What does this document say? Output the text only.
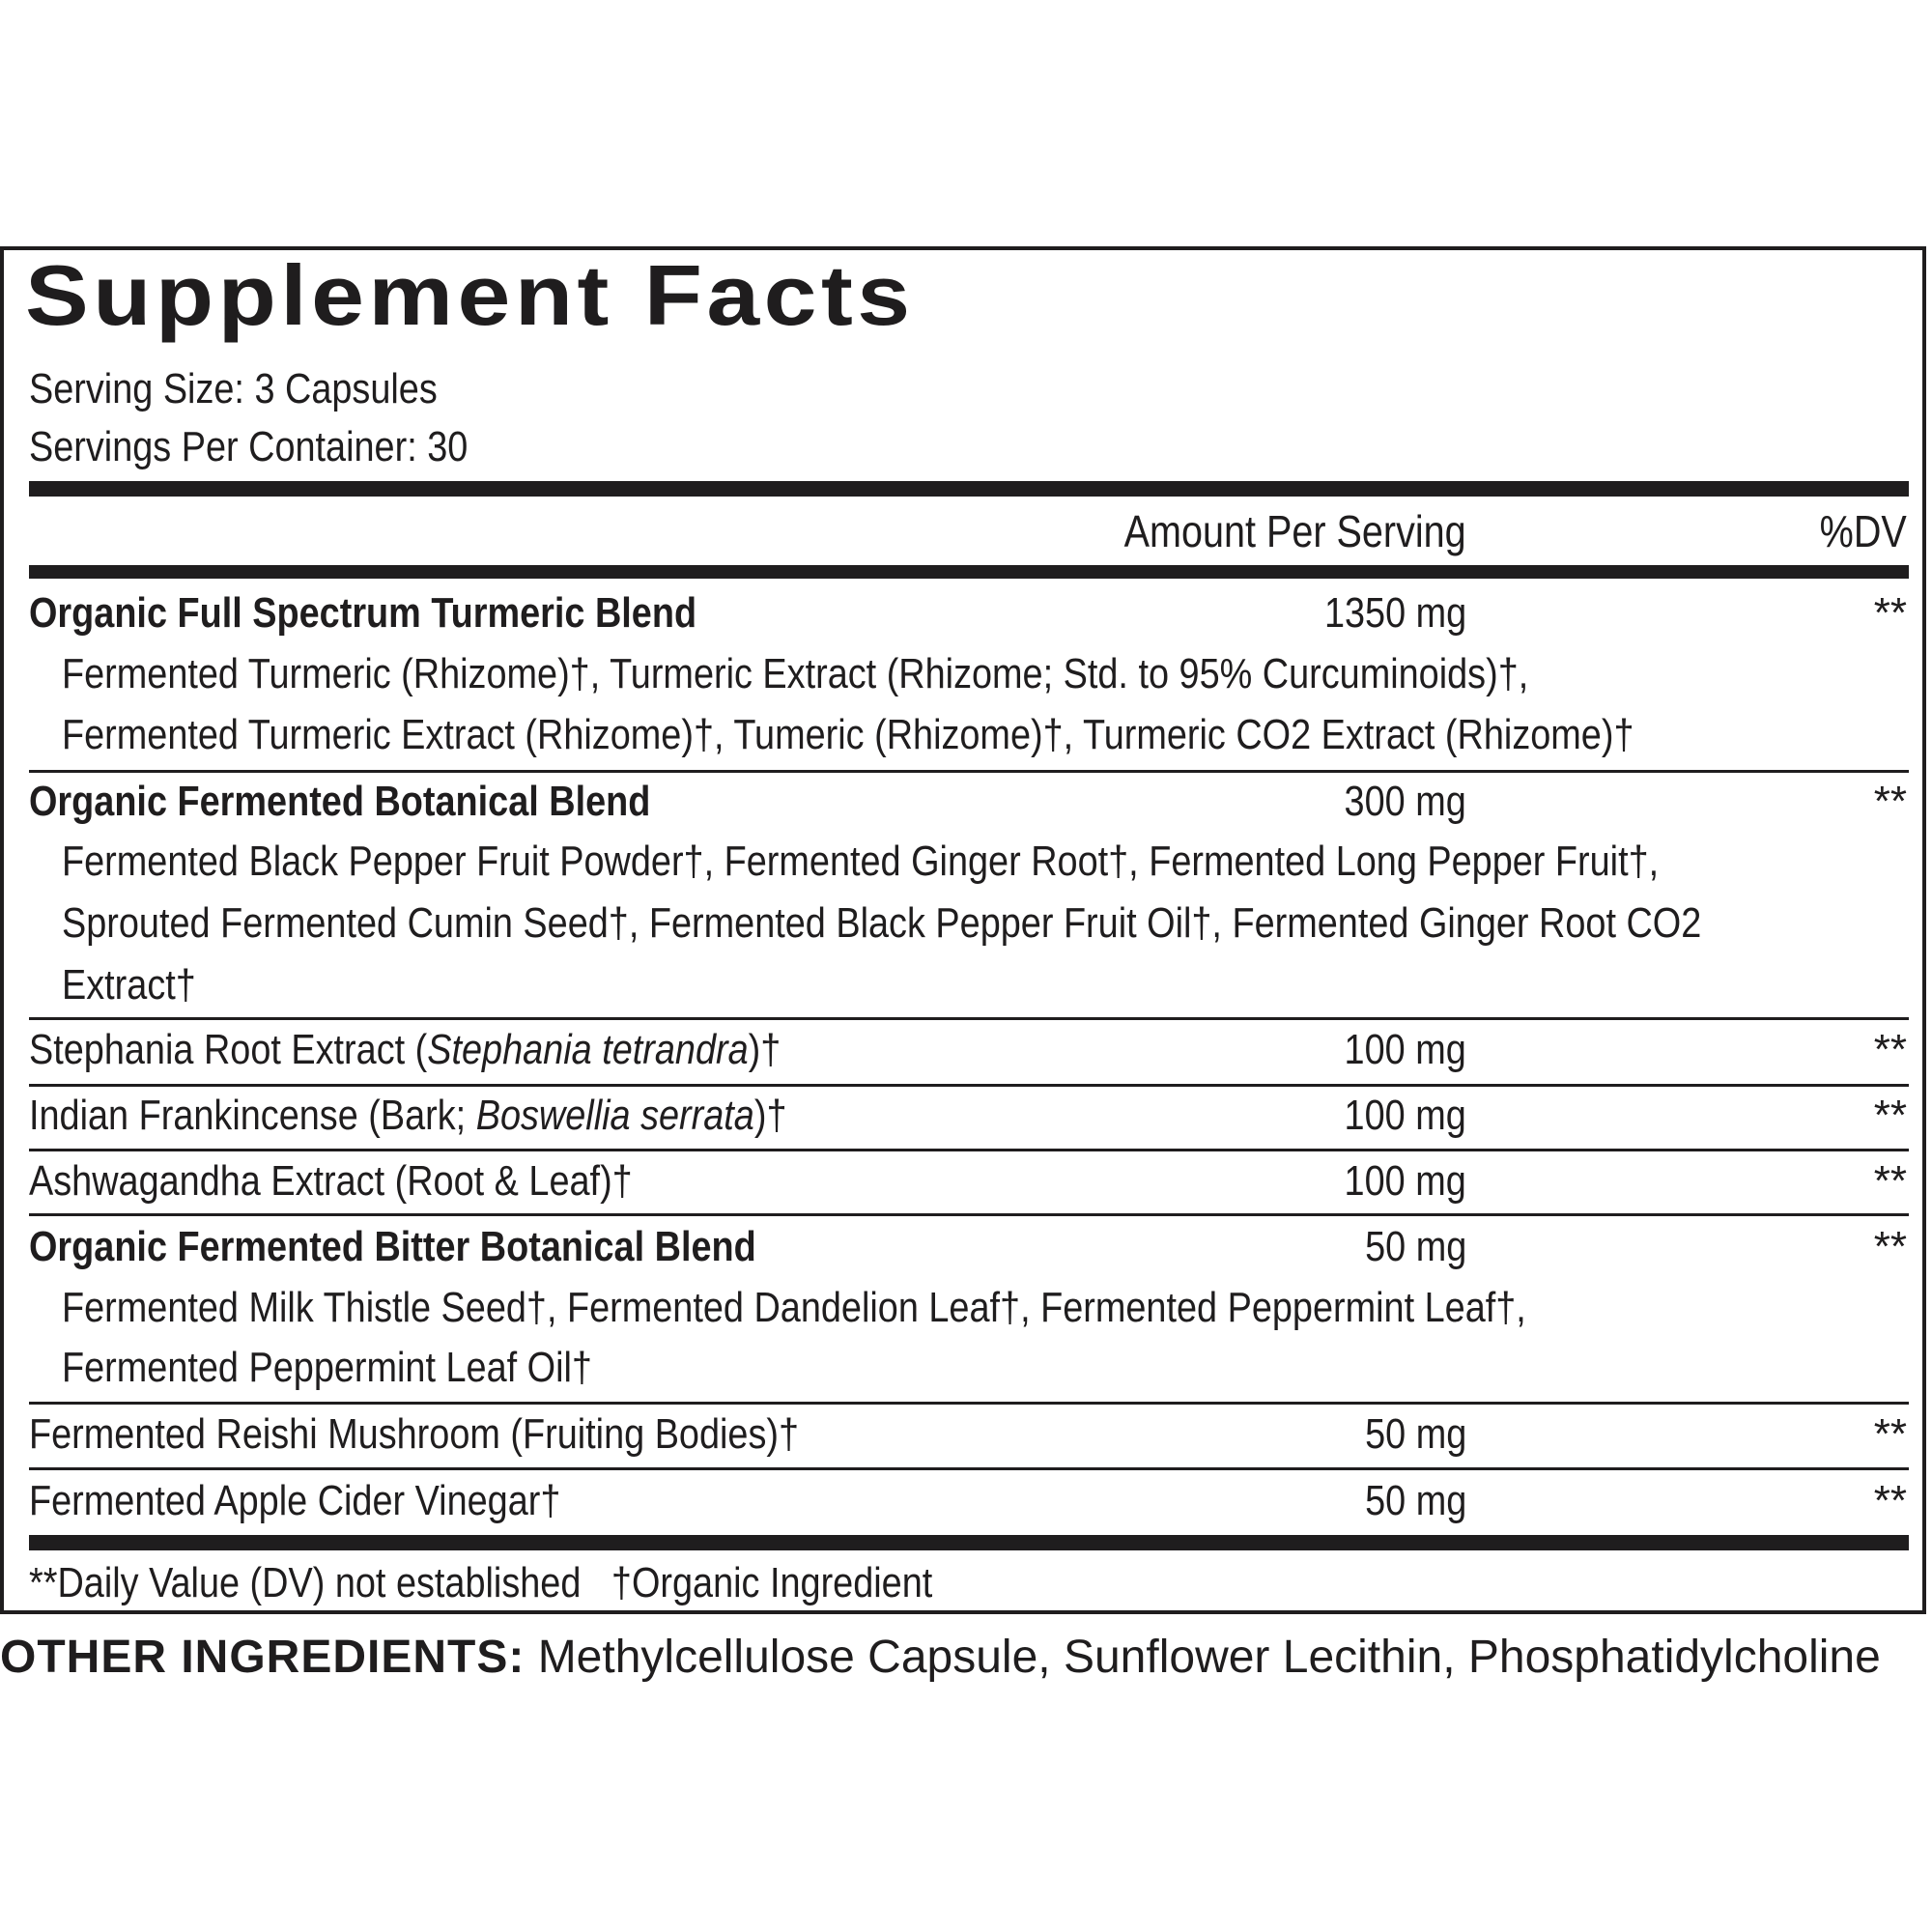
Supplement Facts
Serving Size: 3 Capsules
Servings Per Container: 30
Amount Per Serving	%DV
Organic Full Spectrum Turmeric Blend	1350 mg	**
Fermented Turmeric (Rhizome)†, Turmeric Extract (Rhizome; Std. to 95% Curcuminoids)†,
Fermented Turmeric Extract (Rhizome)†, Tumeric (Rhizome)†, Turmeric CO2 Extract (Rhizome)†
Organic Fermented Botanical Blend	300 mg	**
Fermented Black Pepper Fruit Powder†, Fermented Ginger Root†, Fermented Long Pepper Fruit†,
Sprouted Fermented Cumin Seed†, Fermented Black Pepper Fruit Oil†, Fermented Ginger Root CO2
Extract†
Stephania Root Extract (Stephania tetrandra)†	100 mg	**
Indian Frankincense (Bark; Boswellia serrata)†	100 mg	**
Ashwagandha Extract (Root & Leaf)†	100 mg	**
Organic Fermented Bitter Botanical Blend	50 mg	**
Fermented Milk Thistle Seed†, Fermented Dandelion Leaf†, Fermented Peppermint Leaf†,
Fermented Peppermint Leaf Oil†
Fermented Reishi Mushroom (Fruiting Bodies)†	50 mg	**
Fermented Apple Cider Vinegar†	50 mg	**
**Daily Value (DV) not established   †Organic Ingredient
OTHER INGREDIENTS: Methylcellulose Capsule, Sunflower Lecithin, Phosphatidylcholine
